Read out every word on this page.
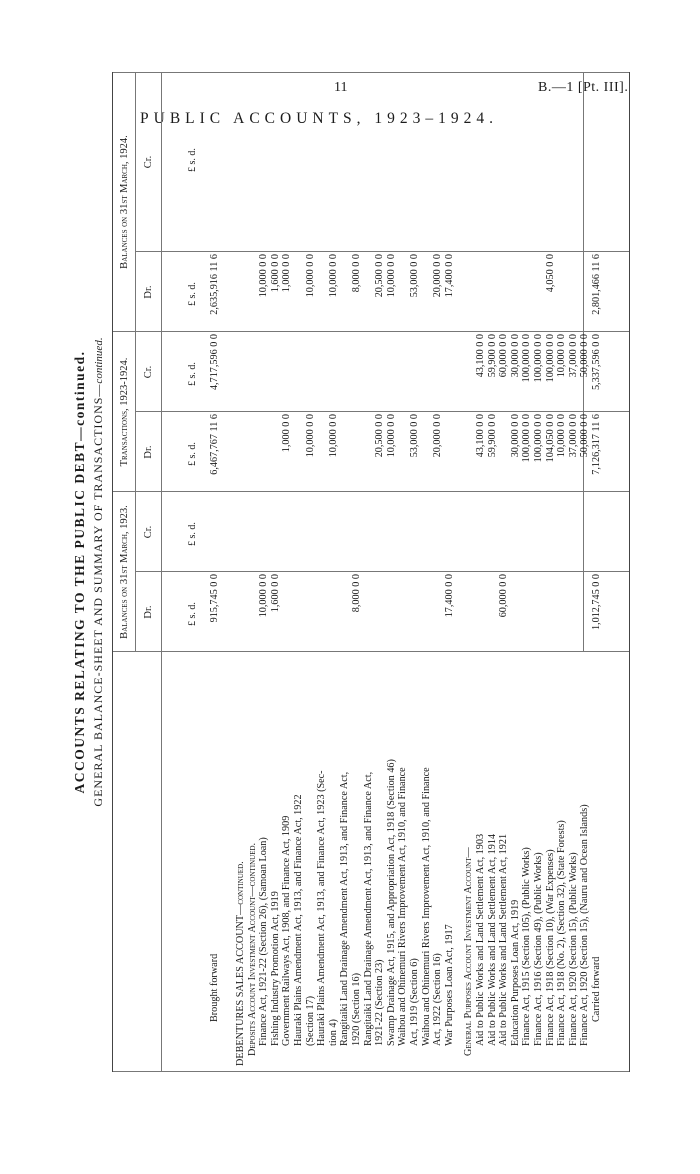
11	B.—1 [Pt. III].
PUBLIC ACCOUNTS, 1923–1924.
ACCOUNTS RELATING TO THE PUBLIC DEBT—continued. GENERAL BALANCE-SHEET AND SUMMARY OF TRANSACTIONS—continued.
Balances on 31st March, 1923.
Transactions, 1923-1924.
Balances on 31st March, 1924.
Dr.
Cr.
Dr.
Cr.
Dr.
Cr.
£ s. d.
£ s. d.
£ s. d.
£ s. d.
£ s. d.
£ s. d.
Brought forward
915,745 0 0
6,467,767 11 6
4,717,596 0 0
2,635,916 11 6
DEBENTURES SALES ACCOUNT—continued. Deposits Account Investment Account—continued. Finance Act, 1921-22 (Section 26), (Samoan Loan)
10,000 0 0
10,000 0 0
Fishing Industry Promotion Act, 1919
1,600 0 0
1,600 0 0
Government Railways Act, 1908, and Finance Act, 1909
1,000 0 0
1,000 0 0
Hauraki Plains Amendment Act, 1913, and Finance Act, 1922 (Section 17)
10,000 0 0
10,000 0 0
Hauraki Plains Amendment Act, 1913, and Finance Act, 1923 (Sec- tion 4)
10,000 0 0
10,000 0 0
Rangitaiki Land Drainage Amendment Act, 1913, and Finance Act, 1920 (Section 16)
8,000 0 0
8,000 0 0
Rangitaiki Land Drainage Amendment Act, 1913, and Finance Act, 1921-22 (Section 23)
20,500 0 0
20,500 0 0
Swamp Drainage Act, 1915, and Appropriation Act, 1918 (Section 46)
10,000 0 0
10,000 0 0
Waihou and Ohinemuri Rivers Improvement Act, 1910, and Finance Act, 1919 (Section 6)
53,000 0 0
53,000 0 0
Waihou and Ohinemuri Rivers Improvement Act, 1910, and Finance Act, 1922 (Section 16)
20,000 0 0
20,000 0 0
War Purposes Loan Act, 1917
17,400 0 0
17,400 0 0
General Purposes Account Investment Account— Aid to Public Works and Land Settlement Act, 1903
43,100 0 0
43,100 0 0
Aid to Public Works and Land Settlement Act, 1914
59,900 0 0
59,900 0 0
Aid to Public Works and Land Settlement Act, 1921
60,000 0 0
60,000 0 0
Education Purposes Loan Act, 1919
30,000 0 0
30,000 0 0
Finance Act, 1915 (Section 105), (Public Works)
100,000 0 0
100,000 0 0
Finance Act, 1916 (Section 49), (Public Works)
100,000 0 0
100,000 0 0
Finance Act, 1918 (Section 10), (War Expenses)
104,050 0 0
100,000 0 0
4,050 0 0
Finance Act, 1918 (No. 2), (Section 32), (State Forests)
10,000 0 0
10,000 0 0
Finance Act, 1920 (Section 15), (Public Works)
37,000 0 0
37,000 0 0
Finance Act, 1920 (Section 15), (Nauru and Ocean Islands)
50,000 0 0
50,000 0 0
Carried forward
1,012,745 0 0
7,126,317 11 6
5,337,596 0 0
2,801,466 11 6
